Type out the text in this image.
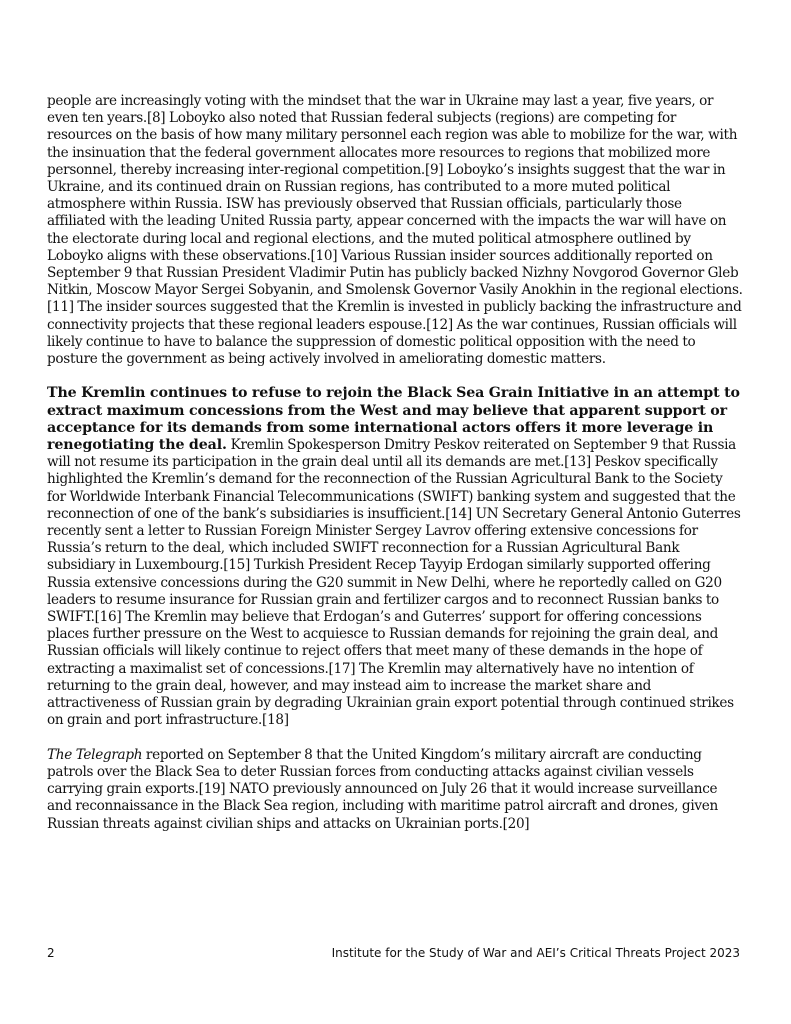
people are increasingly voting with the mindset that the war in Ukraine may last a year, five years, or even ten years.[8] Loboyko also noted that Russian federal subjects (regions) are competing for resources on the basis of how many military personnel each region was able to mobilize for the war, with the insinuation that the federal government allocates more resources to regions that mobilized more personnel, thereby increasing inter-regional competition.[9] Loboyko’s insights suggest that the war in Ukraine, and its continued drain on Russian regions, has contributed to a more muted political atmosphere within Russia. ISW has previously observed that Russian officials, particularly those affiliated with the leading United Russia party, appear concerned with the impacts the war will have on the electorate during local and regional elections, and the muted political atmosphere outlined by Loboyko aligns with these observations.[10] Various Russian insider sources additionally reported on September 9 that Russian President Vladimir Putin has publicly backed Nizhny Novgorod Governor Gleb Nitkin, Moscow Mayor Sergei Sobyanin, and Smolensk Governor Vasily Anokhin in the regional elections.[11] The insider sources suggested that the Kremlin is invested in publicly backing the infrastructure and connectivity projects that these regional leaders espouse.[12] As the war continues, Russian officials will likely continue to have to balance the suppression of domestic political opposition with the need to posture the government as being actively involved in ameliorating domestic matters.

The Kremlin continues to refuse to rejoin the Black Sea Grain Initiative in an attempt to extract maximum concessions from the West and may believe that apparent support or acceptance for its demands from some international actors offers it more leverage in renegotiating the deal. Kremlin Spokesperson Dmitry Peskov reiterated on September 9 that Russia will not resume its participation in the grain deal until all its demands are met.[13] Peskov specifically highlighted the Kremlin’s demand for the reconnection of the Russian Agricultural Bank to the Society for Worldwide Interbank Financial Telecommunications (SWIFT) banking system and suggested that the reconnection of one of the bank’s subsidiaries is insufficient.[14] UN Secretary General Antonio Guterres recently sent a letter to Russian Foreign Minister Sergey Lavrov offering extensive concessions for Russia’s return to the deal, which included SWIFT reconnection for a Russian Agricultural Bank subsidiary in Luxembourg.[15] Turkish President Recep Tayyip Erdogan similarly supported offering Russia extensive concessions during the G20 summit in New Delhi, where he reportedly called on G20 leaders to resume insurance for Russian grain and fertilizer cargos and to reconnect Russian banks to SWIFT.[16] The Kremlin may believe that Erdogan’s and Guterres’ support for offering concessions places further pressure on the West to acquiesce to Russian demands for rejoining the grain deal, and Russian officials will likely continue to reject offers that meet many of these demands in the hope of extracting a maximalist set of concessions.[17] The Kremlin may alternatively have no intention of returning to the grain deal, however, and may instead aim to increase the market share and attractiveness of Russian grain by degrading Ukrainian grain export potential through continued strikes on grain and port infrastructure.[18]

The Telegraph reported on September 8 that the United Kingdom’s military aircraft are conducting patrols over the Black Sea to deter Russian forces from conducting attacks against civilian vessels carrying grain exports.[19] NATO previously announced on July 26 that it would increase surveillance and reconnaissance in the Black Sea region, including with maritime patrol aircraft and drones, given Russian threats against civilian ships and attacks on Ukrainian ports.[20]

2	Institute for the Study of War and AEI’s Critical Threats Project 2023
